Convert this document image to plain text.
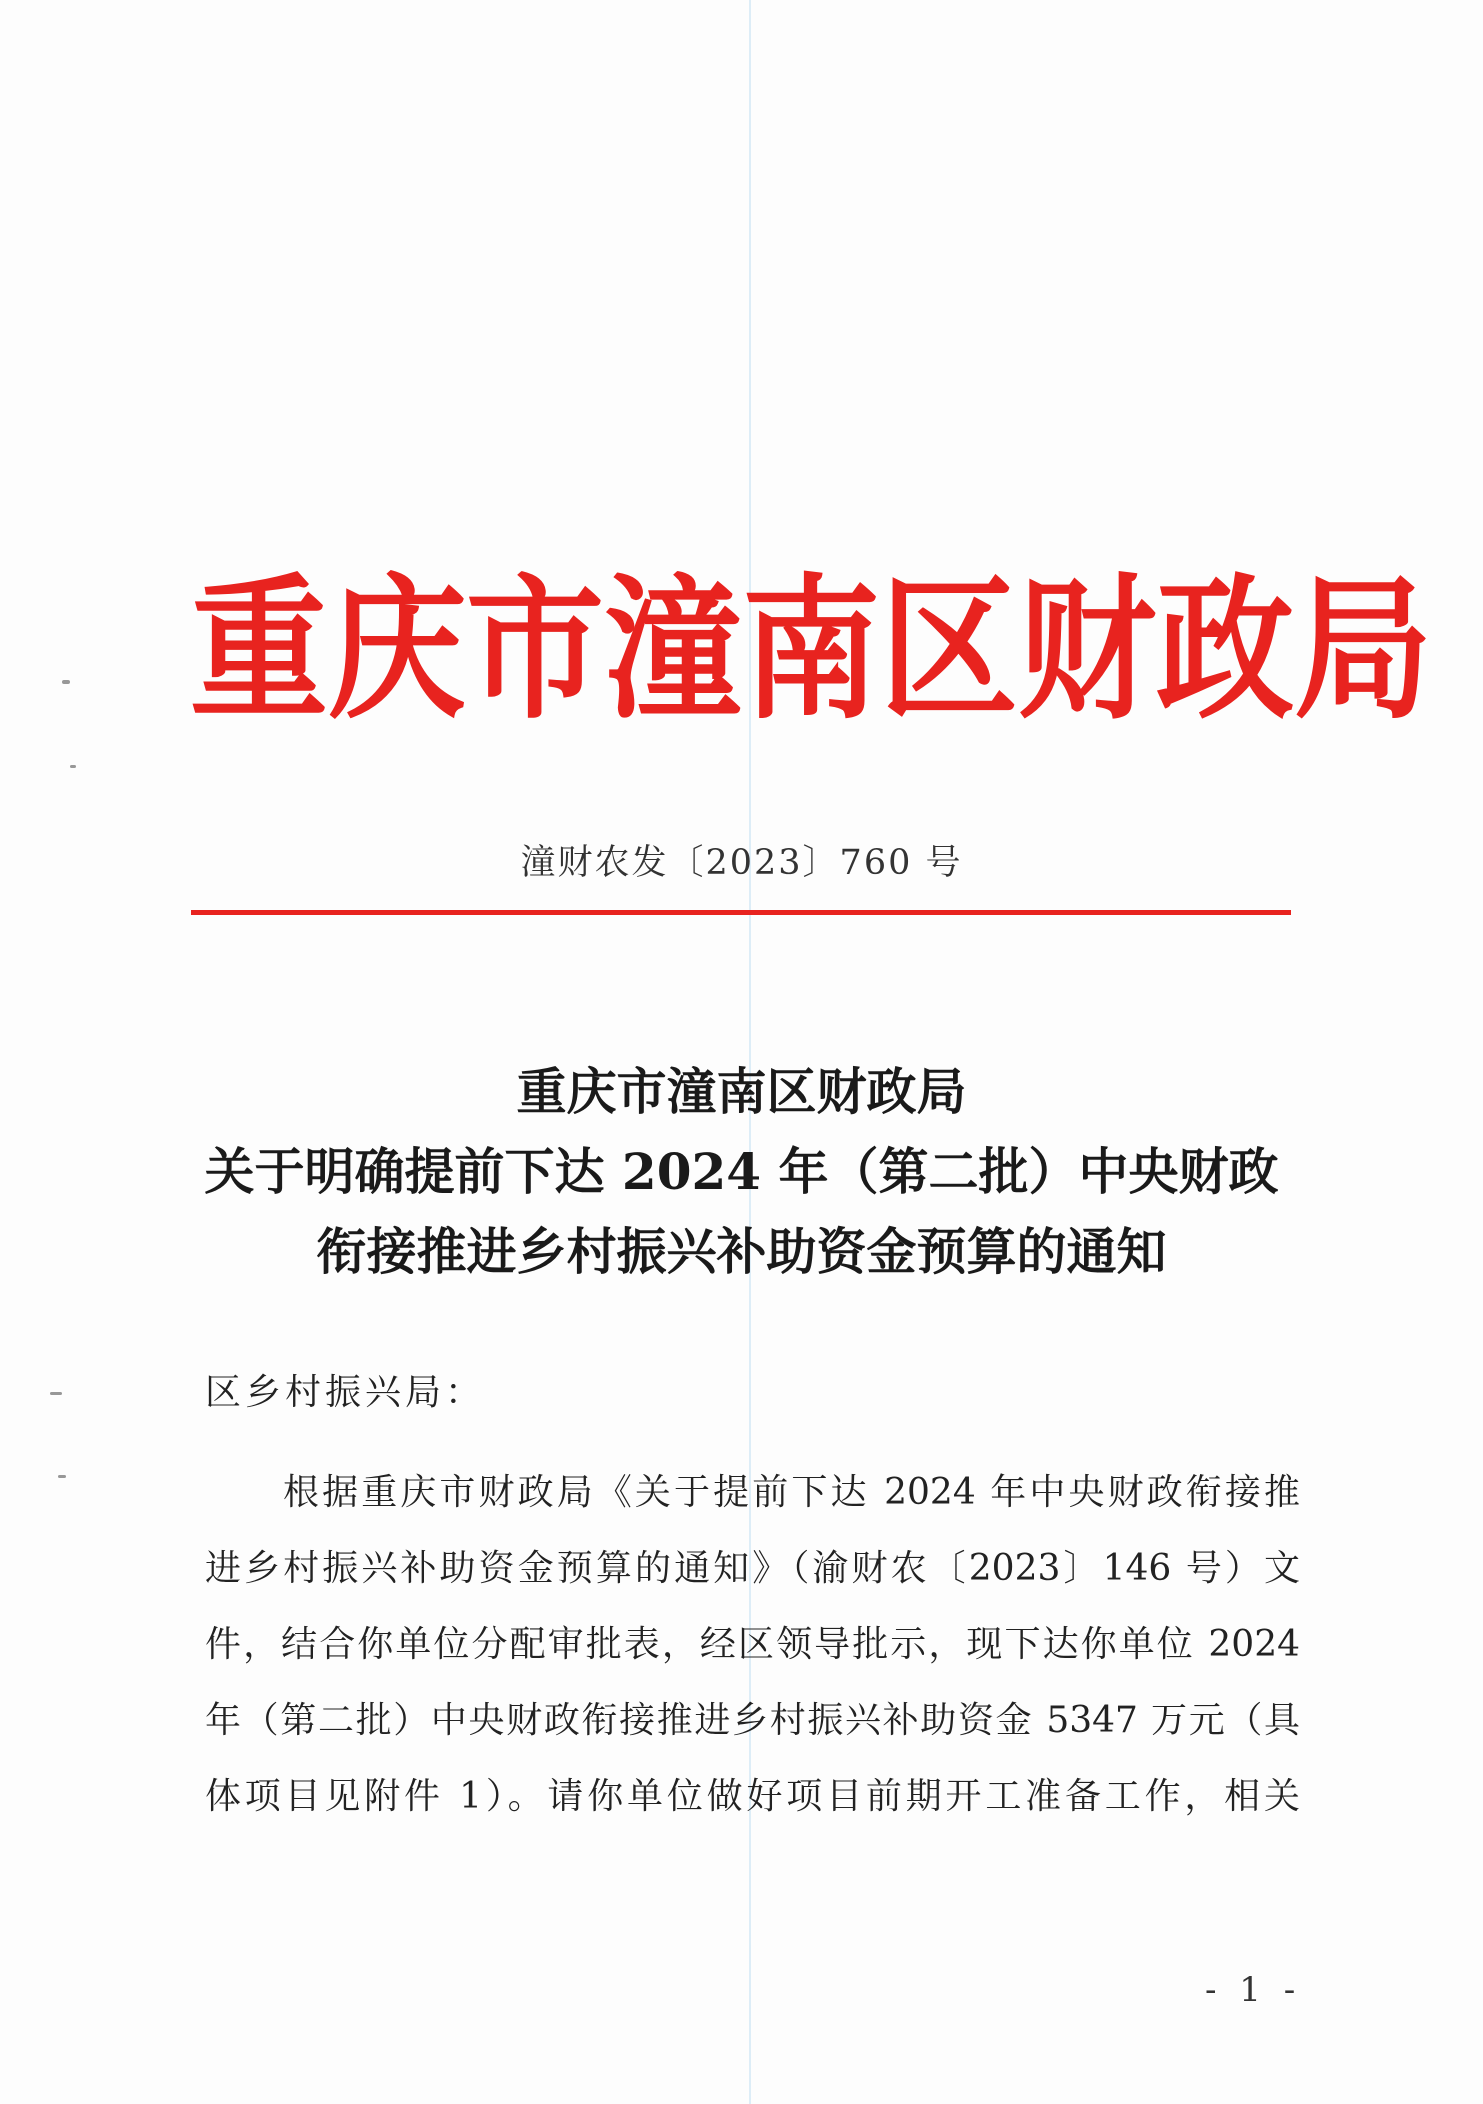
重庆市潼南区财政局
潼财农发〔2023〕760 号
重庆市潼南区财政局
关于明确提前下达 2024 年（第二批）中央财政
衔接推进乡村振兴补助资金预算的通知
区乡村振兴局：
根据重庆市财政局《关于提前下达 2024 年中央财政衔接推
进乡村振兴补助资金预算的通知》（渝财农〔2023〕146 号）文
件，结合你单位分配审批表，经区领导批示，现下达你单位 2024
年（第二批）中央财政衔接推进乡村振兴补助资金 5347 万元（具
体项目见附件 1）。请你单位做好项目前期开工准备工作，相关
- 1 -
